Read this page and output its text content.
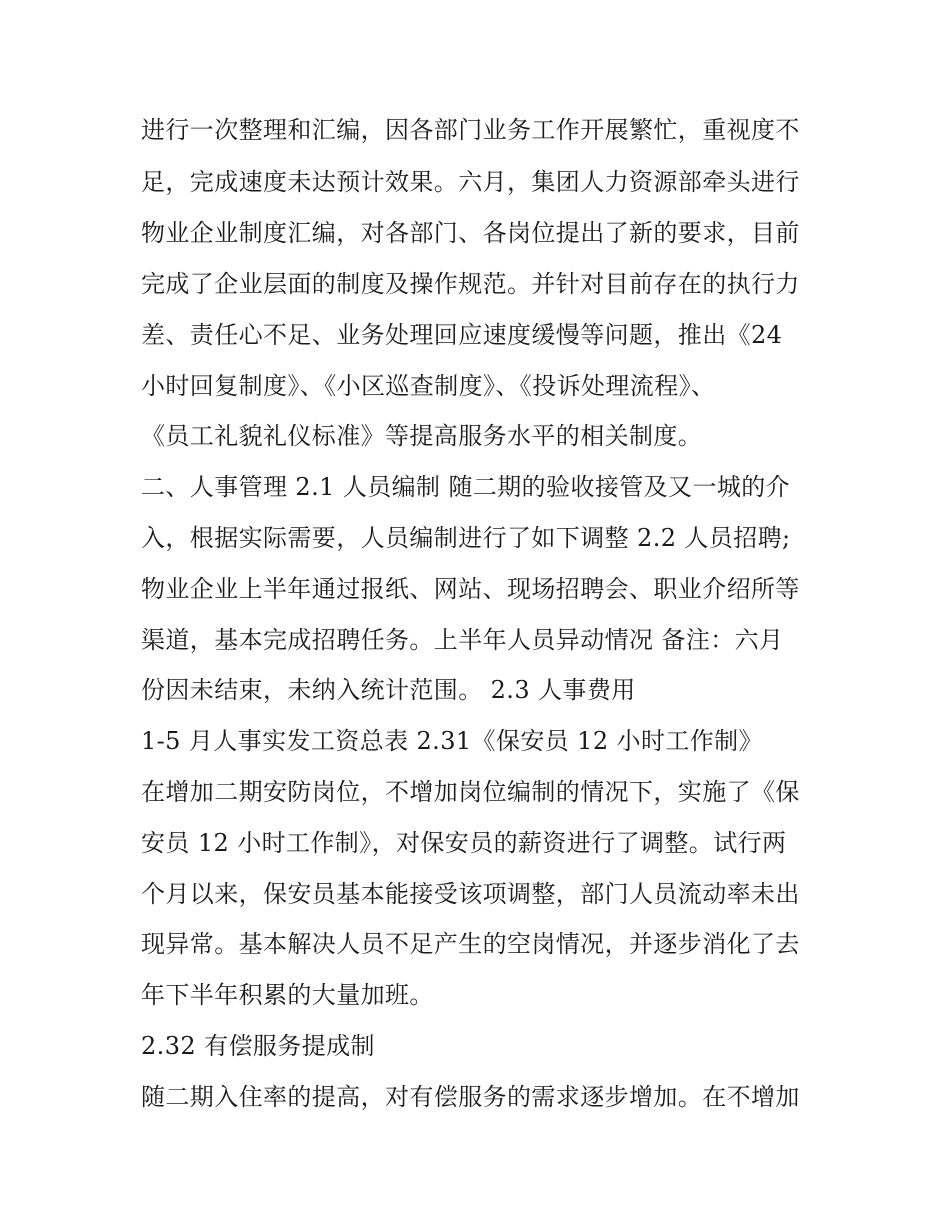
进行一次整理和汇编，因各部门业务工作开展繁忙，重视度不
足，完成速度未达预计效果。六月，集团人力资源部牵头进行
物业企业制度汇编，对各部门、各岗位提出了新的要求，目前
完成了企业层面的制度及操作规范。并针对目前存在的执行力
差、责任心不足、业务处理回应速度缓慢等问题，推出《24
小时回复制度》、《小区巡查制度》、《投诉处理流程》、
《员工礼貌礼仪标准》等提高服务水平的相关制度。
二、人事管理 2.1 人员编制 随二期的验收接管及又一城的介
入，根据实际需要，人员编制进行了如下调整 2.2 人员招聘;
物业企业上半年通过报纸、网站、现场招聘会、职业介绍所等
渠道，基本完成招聘任务。上半年人员异动情况 备注：六月
份因未结束，未纳入统计范围。 2.3 人事费用
1-5 月人事实发工资总表 2.31《保安员 12 小时工作制》
在增加二期安防岗位，不增加岗位编制的情况下，实施了《保
安员 12 小时工作制》，对保安员的薪资进行了调整。试行两
个月以来，保安员基本能接受该项调整，部门人员流动率未出
现异常。基本解决人员不足产生的空岗情况，并逐步消化了去
年下半年积累的大量加班。
2.32 有偿服务提成制
随二期入住率的提高，对有偿服务的需求逐步增加。在不增加
